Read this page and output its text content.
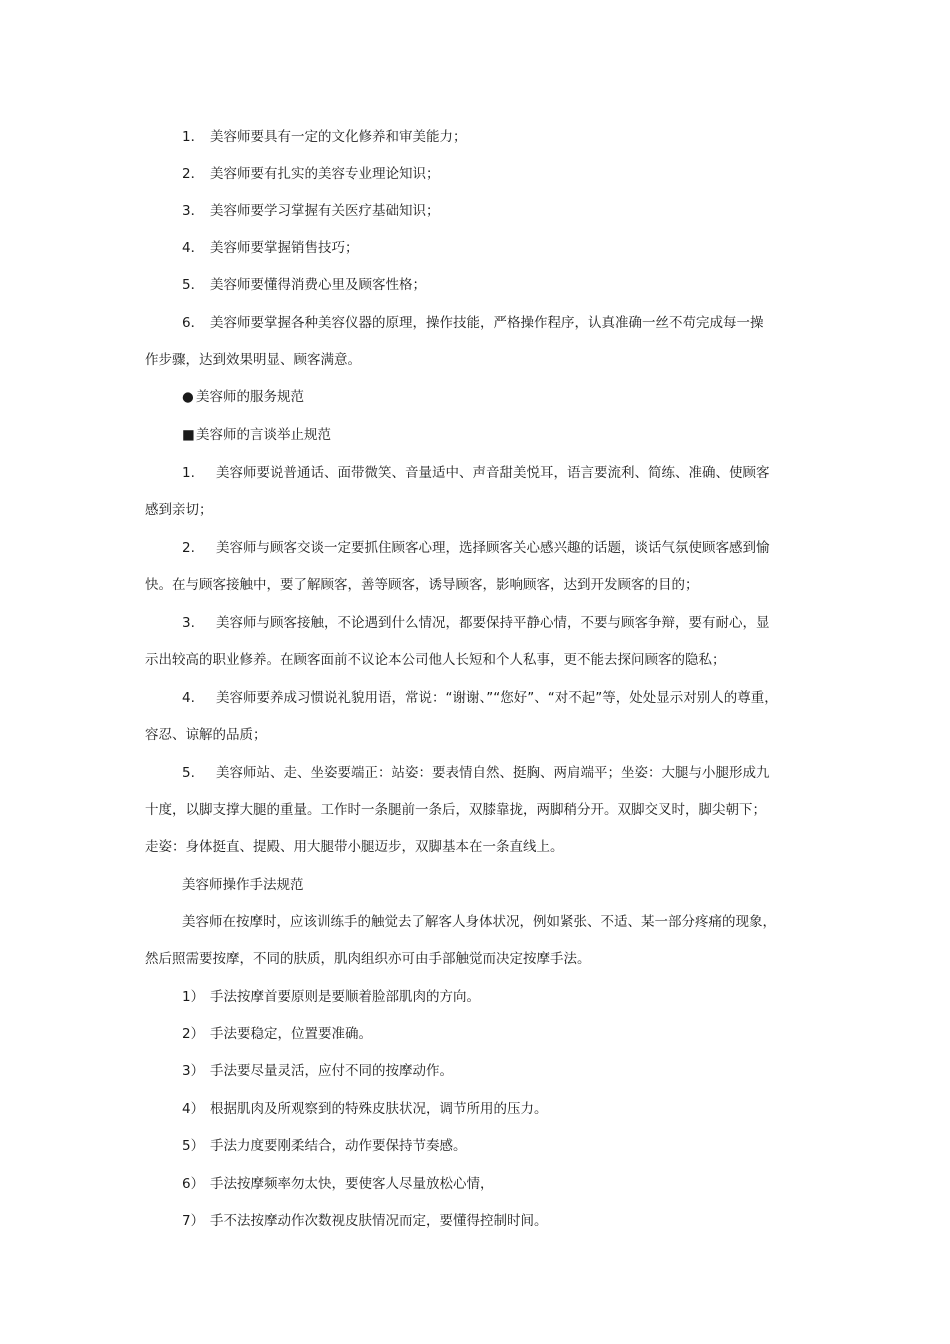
1． 美容师要具有一定的文化修养和审美能力；
2． 美容师要有扎实的美容专业理论知识；
3． 美容师要学习掌握有关医疗基础知识；
4． 美容师要掌握销售技巧；
5． 美容师要懂得消费心里及顾客性格；
6． 美容师要掌握各种美容仪器的原理，操作技能，严格操作程序，认真准确一丝不苟完成每一操
作步骤，达到效果明显、顾客满意。
● 美容师的服务规范
■美容师的言谈举止规范
1. 美容师要说普通话、面带微笑、音量适中、声音甜美悦耳，语言要流利、简练、准确、使顾客
感到亲切；
2. 美容师与顾客交谈一定要抓住顾客心理，选择顾客关心感兴趣的话题，谈话气氛使顾客感到愉
快。在与顾客接触中，要了解顾客，善等顾客，诱导顾客，影响顾客，达到开发顾客的目的；
3. 美容师与顾客接触，不论遇到什么情况，都要保持平静心情，不要与顾客争辩，要有耐心，显
示出较高的职业修养。在顾客面前不议论本公司他人长短和个人私事，更不能去探问顾客的隐私；
4. 美容师要养成习惯说礼貌用语，常说：“谢谢、”“您好”、“对不起”等，处处显示对别人的尊重，
容忍、谅解的品质；
5. 美容师站、走、坐姿要端正：站姿：要表情自然、挺胸、两肩端平；坐姿：大腿与小腿形成九
十度，以脚支撑大腿的重量。工作时一条腿前一条后，双膝靠拢，两脚稍分开。双脚交叉时，脚尖朝下；
走姿：身体挺直、提殿、用大腿带小腿迈步，双脚基本在一条直线上。
美容师操作手法规范
美容师在按摩时，应该训练手的触觉去了解客人身体状况，例如紧张、不适、某一部分疼痛的现象，
然后照需要按摩，不同的肤质，肌肉组织亦可由手部触觉而决定按摩手法。
1） 手法按摩首要原则是要顺着脸部肌肉的方向。
2） 手法要稳定，位置要准确。
3） 手法要尽量灵活，应付不同的按摩动作。
4） 根据肌肉及所观察到的特殊皮肤状况，调节所用的压力。
5） 手法力度要刚柔结合，动作要保持节奏感。
6） 手法按摩频率勿太快，要使客人尽量放松心情，
7） 手不法按摩动作次数视皮肤情况而定，要懂得控制时间。
